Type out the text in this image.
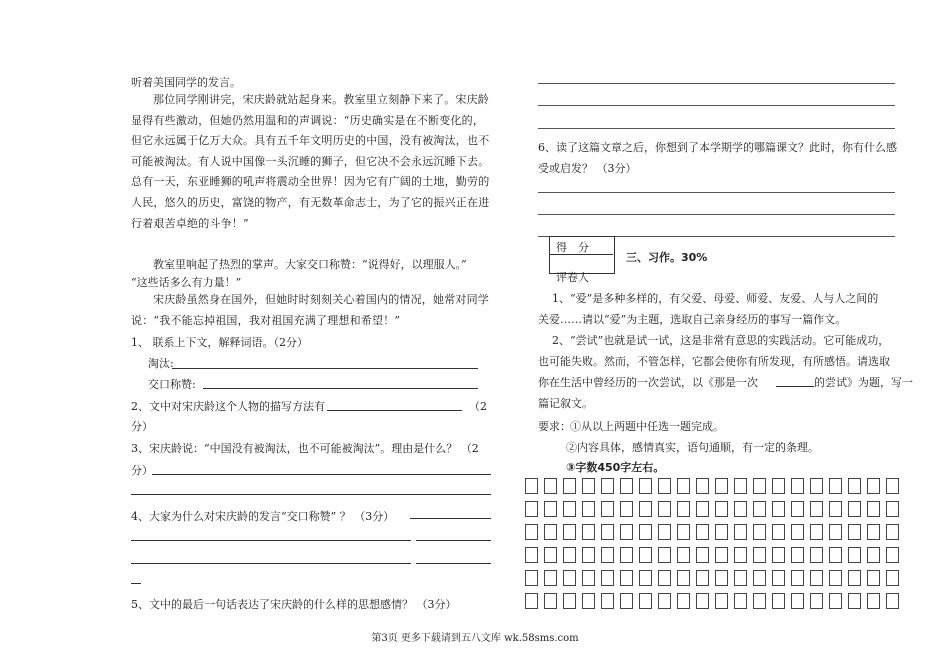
听着美国同学的发言。
那位同学刚讲完，宋庆龄就站起身来。教室里立刻静下来了。宋庆龄显得有些激动，但她仍然用温和的声调说：“历史确实是在不断变化的，但它永远属于亿万大众。具有五千年文明历史的中国，没有被淘汰，也不可能被淘汰。有人说中国像一头沉睡的狮子，但它决不会永远沉睡下去。总有一天，东亚睡狮的吼声将震动全世界！因为它有广阔的土地，勤劳的人民，悠久的历史，富饶的物产，有无数革命志士，为了它的振兴正在进行着艰苦卓绝的斗争！”
教室里响起了热烈的掌声。大家交口称赞：“说得好，以理服人。”
“这些话多么有力量！”
宋庆龄虽然身在国外，但她时时刻刻关心着国内的情况，她常对同学说：“我不能忘掉祖国，我对祖国充满了理想和希望！”
1、 联系上下文，解释词语。（2分）
淘汰:
交口称赞:
2、文中对宋庆龄这个人物的描写方法有	（2
分）
3、宋庆龄说：“中国没有被淘汰，也不可能被淘汰”。理由是什么？ （2
分）
4、大家为什么对宋庆龄的发言“交口称赞” ？ （3分）
5、文中的最后一句话表达了宋庆龄的什么样的思想感情？ （3分）
6、读了这篇文章之后，你想到了本学期学的哪篇课文？此时，你有什么感
受或启发？ （3分）
得　分
评卷人
三、习作。30%
1、“爱”是多种多样的，有父爱、母爱、师爱、友爱、人与人之间的
关爱……请以“爱”为主题，选取自己亲身经历的事写一篇作文。
2、“尝试”也就是试一试，这是非常有意思的实践活动。它可能成功，
也可能失败。然而，不管怎样，它都会使你有所发现，有所感悟。请选取
你在生活中曾经历的一次尝试，以《那是一次	的尝试》为题，写一
篇记叙文。
要求： ①从以上两题中任选一题完成。
②内容具体，感情真实，语句通顺，有一定的条理。
③字数450字左右。
第3页 更多下载请到五八文库 wk.58sms.com
